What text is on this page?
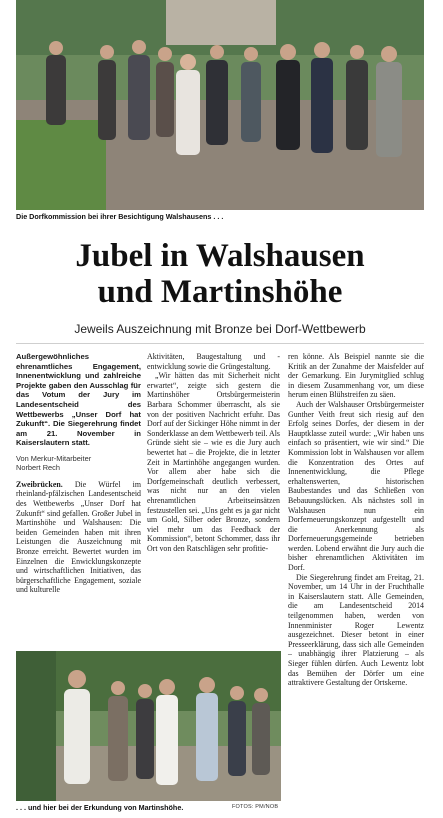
Die Dorfkommission bei ihrer Besichtigung Walshausens . . .
Jubel in Walshausen
und Martinshöhe
Jeweils Auszeichnung mit Bronze bei Dorf-Wettbewerb

Außergewöhnliches ehrenamtliches Engagement, Innenentwicklung und zahlreiche Projekte gaben den Ausschlag für das Votum der Jury im Landesentscheid des Wettbewerbs „Unser Dorf hat Zukunft“. Die Siegerehrung findet am 21. November in Kaiserslautern statt.

Von Merkur-Mitarbeiter
Norbert Rech

Zweibrücken. Die Würfel im rheinland-pfälzischen Landesentscheid des Wettbewerbs „Unser Dorf hat Zukunft“ sind gefallen. Großer Jubel in Martinshöhe und Walshausen: Die beiden Gemeinden haben mit ihren Leistungen die Auszeichnung mit Bronze erreicht. Bewertet wurden im Einzelnen die Enwicklungskonzepte und wirtschaftlichen Initiativen, das bürgerschaftliche Engagement, soziale und kulturelle

Aktivitäten, Baugestaltung und -entwicklung sowie die Grüngestaltung.

„Wir hätten das mit Sicherheit nicht erwartet“, zeigte sich gestern die Martinshöher Ortsbürgermeisterin Barbara Schommer überrascht, als sie von der positiven Nachricht erfuhr. Das Dorf auf der Sickinger Höhe nimmt in der Sonderklasse an dem Wettbewerb teil. Als Gründe sieht sie – wie es die Jury auch bewertet hat – die Projekte, die in letzter Zeit in Martinhöhe angegangen wurden. Vor allem aber habe sich die Dorfgemeinschaft deutlich verbessert, was nicht nur an den vielen ehrenamtlichen Arbeitseinsätzen festzustellen sei. „Uns geht es ja gar nicht um Gold, Silber oder Bronze, sondern viel mehr um das Feedback der Kommission“, betont Schommer, dass ihr Ort von den Ratschlägen sehr profitie-

ren könne. Als Beispiel nannte sie die Kritik an der Zunahme der Maisfelder auf der Gemarkung. Ein Jurymitglied schlug in diesem Zusammenhang vor, um diese herum einen Blühstreifen zu säen.

Auch der Walshauser Ortsbürgermeister Gunther Veith freut sich riesig auf den Erfolg seines Dorfes, der diesem in der Hauptklasse zuteil wurde: „Wir haben uns einfach so präsentiert, wie wir sind.“ Die Kommission lobt in Walshausen vor allem die Konzentration des Ortes auf Innenentwicklung, die Pflege erhaltenswerten, historischen Baubestandes und das Schließen von Bebauungslücken. Als nächstes soll in Walshausen nun ein Dorferneuerungskonzept aufgestellt und die Anerkennung als Dorferneuerungsgemeinde betrieben werden. Lobend erwähnt die Jury auch die bisher ehrenamtlichen Aktivitäten im Dorf.

Die Siegerehrung findet am Freitag, 21. November, um 14 Uhr in der Fruchthalle in Kaiserslautern statt. Alle Gemeinden, die am Landesentscheid 2014 teilgenommen haben, werden von Innenminister Roger Lewentz ausgezeichnet. Dieser betont in einer Presseerklärung, dass sich alle Gemeinden – unabhängig ihrer Platzierung – als Sieger fühlen dürfen. Auch Lewentz lobt das Bemühen der Dörfer um eine attraktivere Gestaltung der Ortskerne.

. . . und hier bei der Erkundung von Martinshöhe.	FOTOS: PM/NOB
